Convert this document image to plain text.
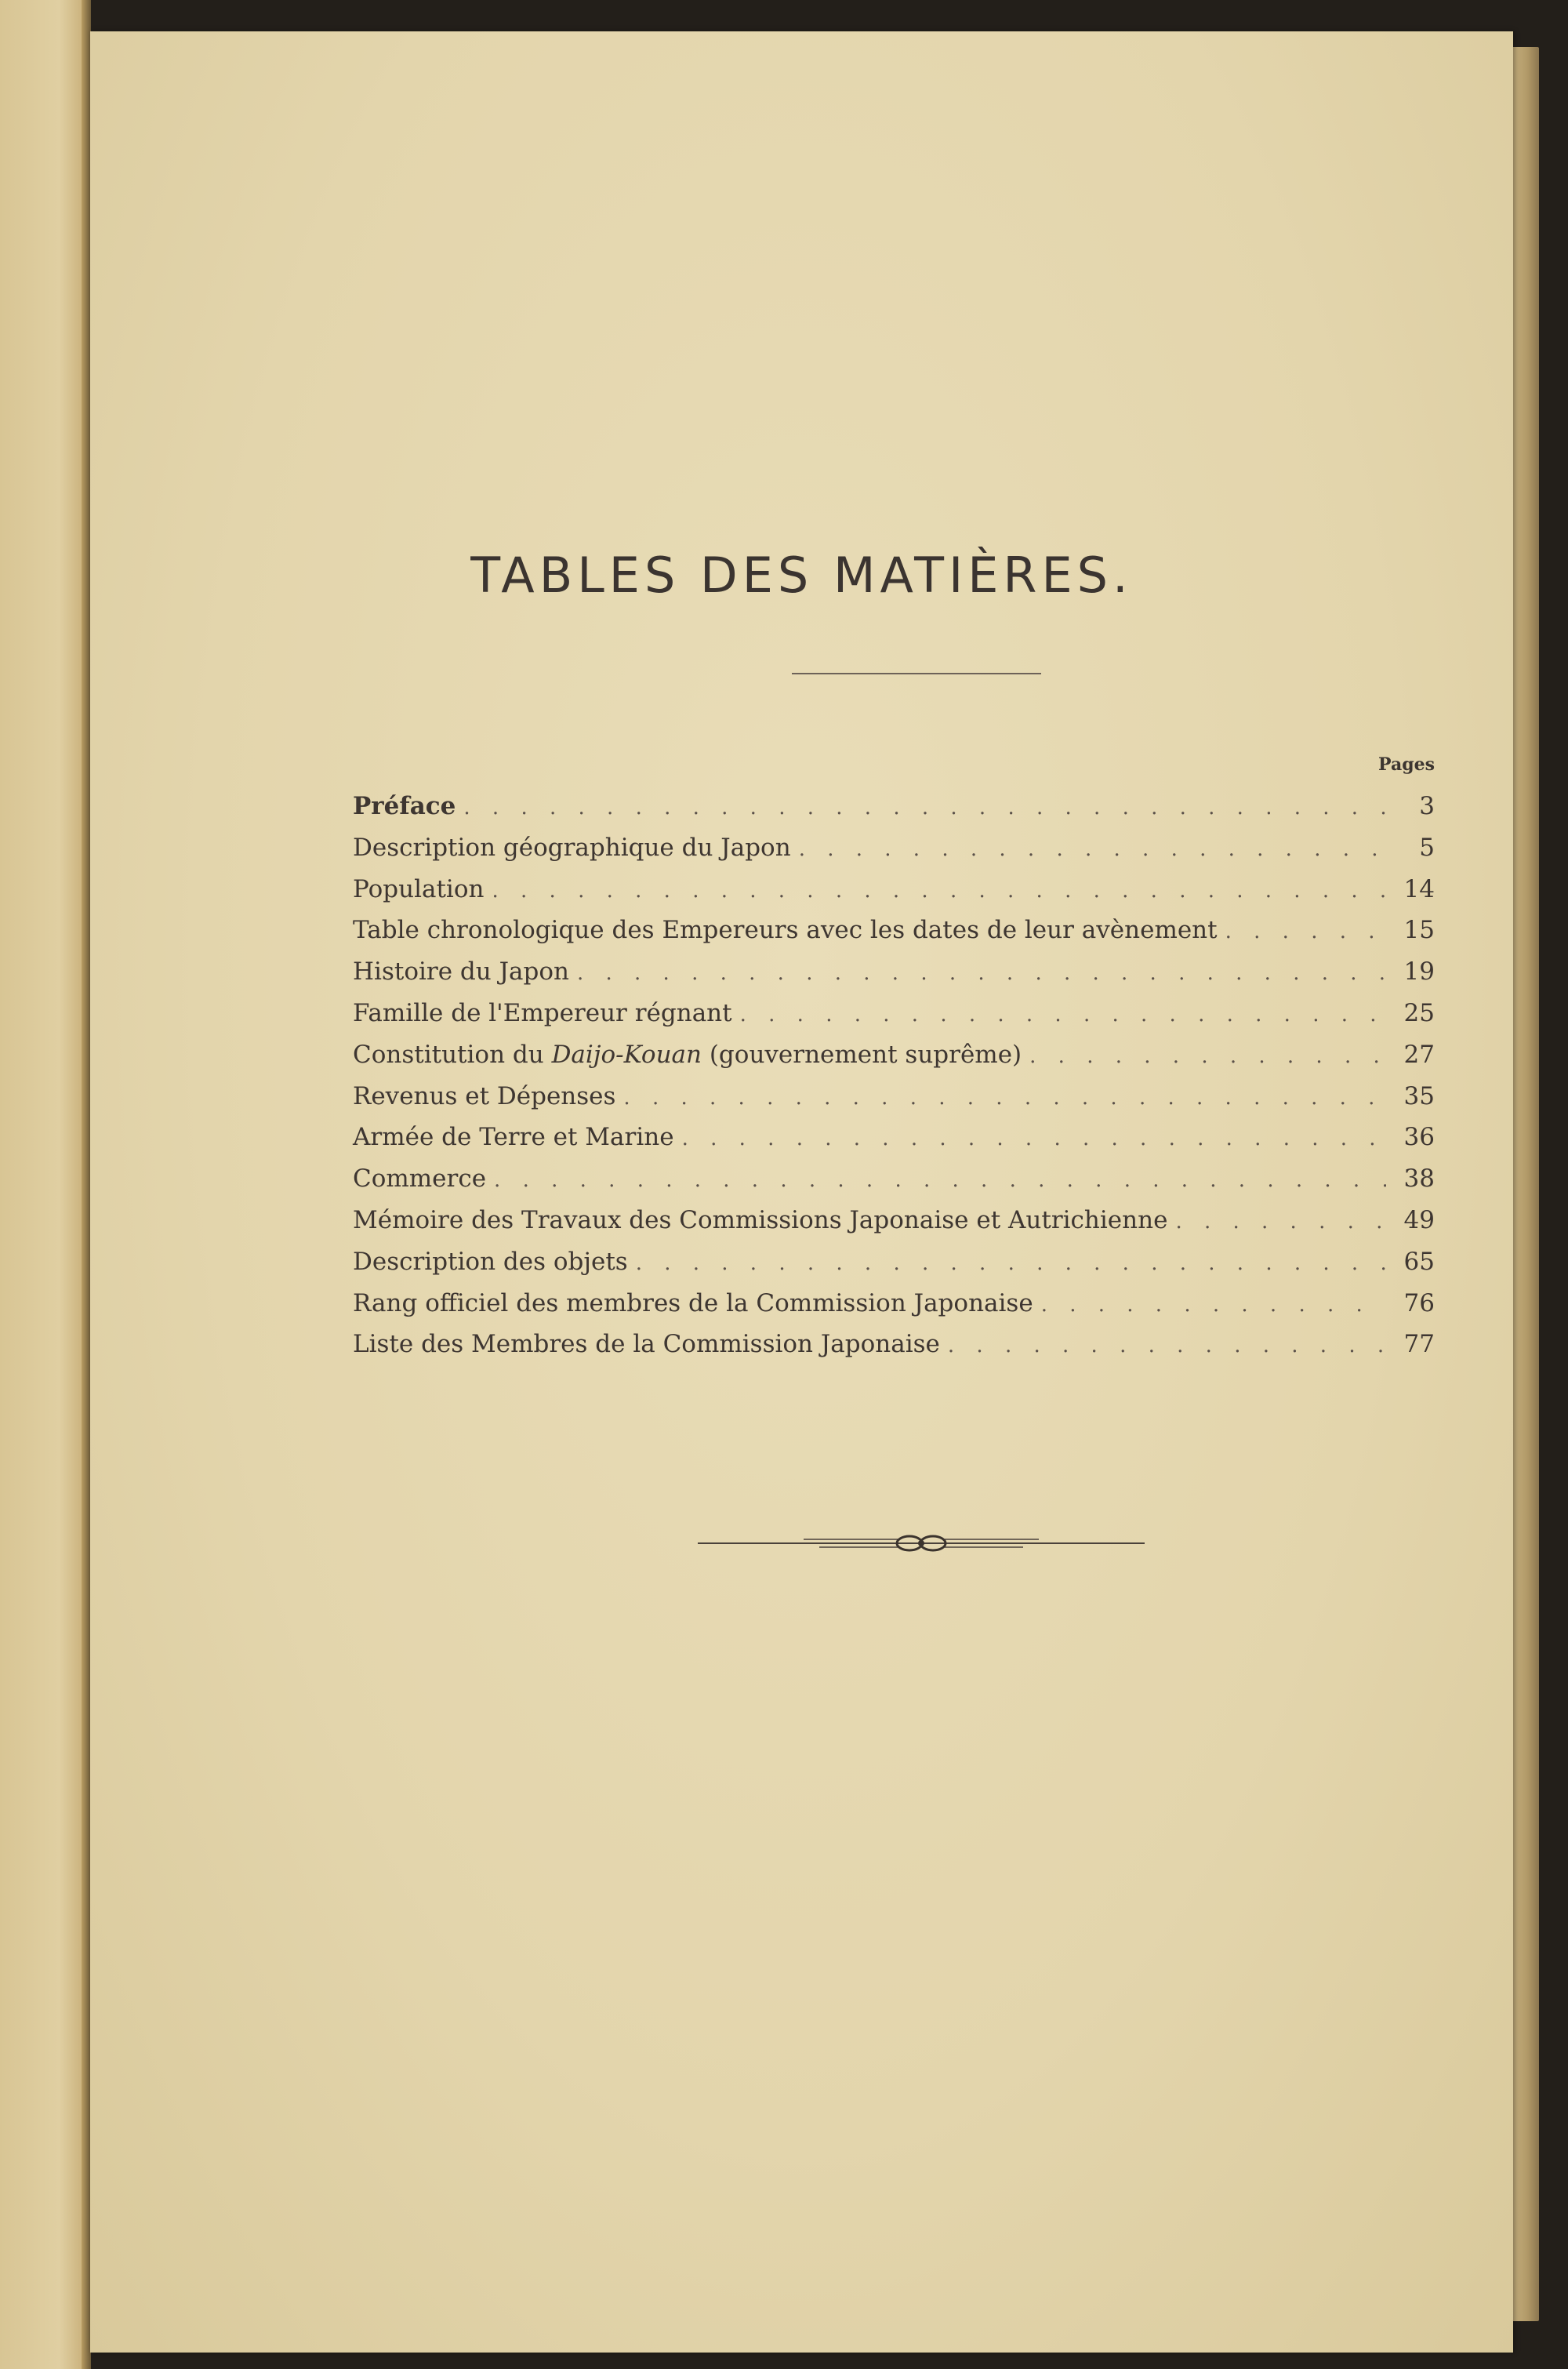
TABLES DES MATIÈRES.
Pages
Préface . . .	3
Description géographique du Japon . . .	5
Population . . .	14
Table chronologique des Empereurs avec les dates de leur avènement . . .	15
Histoire du Japon . . .	19
Famille de l'Empereur régnant . . .	25
Constitution du Daijo-Kouan (gouvernement suprême) . . .	27
Revenus et Dépenses . . .	35
Armée de Terre et Marine . . .	36
Commerce . . .	38
Mémoire des Travaux des Commissions Japonaise et Autrichienne . . .	49
Description des objets . . .	65
Rang officiel des membres de la Commission Japonaise . . .	76
Liste des Membres de la Commission Japonaise . . .	77
